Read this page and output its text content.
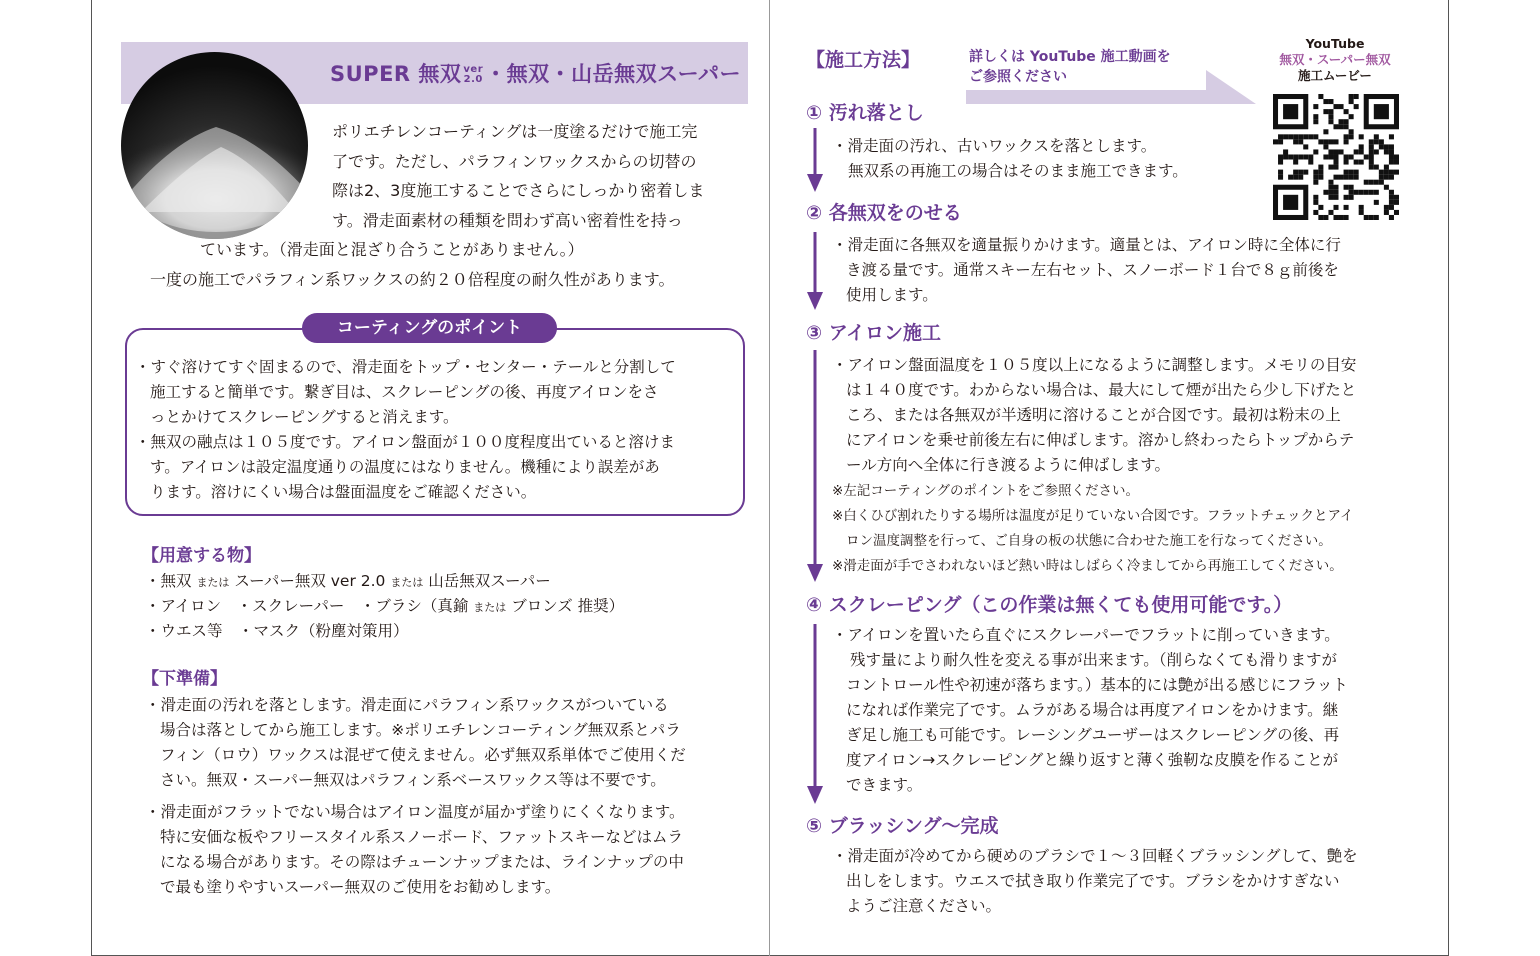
SUPER 無双 ver
2.0 ・無双・山岳無双スーパー
ポリエチレンコーティングは一度塗るだけで施工完
了です。ただし、パラフィンワックスからの切替の
際は2、3度施工することでさらにしっかり密着しま
す。滑走面素材の種類を問わず高い密着性を持っ
ています。（滑走面と混ざり合うことがありません。）
一度の施工でパラフィン系ワックスの約２０倍程度の耐久性があります。
コーティングのポイント
・すぐ溶けてすぐ固まるので、滑走面をトップ・センター・テールと分割して
施工すると簡単です。繋ぎ目は、スクレーピングの後、再度アイロンをさ
っとかけてスクレーピングすると消えます。
・無双の融点は１０５度です。アイロン盤面が１００度程度出ていると溶けま
す。アイロンは設定温度通りの温度にはなりません。機種により誤差があ
ります。溶けにくい場合は盤面温度をご確認ください。
【用意する物】
・無双 または スーパー無双 ver 2.0 または 山岳無双スーパー
・アイロン　・スクレーパー　・ブラシ（真鍮 または ブロンズ 推奨）
・ウエス等　・マスク（粉塵対策用）
【下準備】
・滑走面の汚れを落とします。滑走面にパラフィン系ワックスがついている
場合は落としてから施工します。※ポリエチレンコーティング無双系とパラ
フィン（ロウ）ワックスは混ぜて使えません。必ず無双系単体でご使用くだ
さい。無双・スーパー無双はパラフィン系ベースワックス等は不要です。
・滑走面がフラットでない場合はアイロン温度が届かず塗りにくくなります。
特に安価な板やフリースタイル系スノーボード、ファットスキーなどはムラ
になる場合があります。その際はチューンナップまたは、ラインナップの中
で最も塗りやすいスーパー無双のご使用をお勧めします。
【施工方法】	詳しくは YouTube 施工動画を
ご参照ください
YouTube
無双・スーパー無双
施工ムービー
① 汚れ落とし
・滑走面の汚れ、古いワックスを落とします。
無双系の再施工の場合はそのまま施工できます。
② 各無双をのせる
・滑走面に各無双を適量振りかけます。適量とは、アイロン時に全体に行
き渡る量です。通常スキー左右セット、スノーボード１台で８ｇ前後を
使用します。
③ アイロン施工
・アイロン盤面温度を１０５度以上になるように調整します。メモリの目安
は１４０度です。わからない場合は、最大にして煙が出たら少し下げたと
ころ、または各無双が半透明に溶けることが合図です。最初は粉末の上
にアイロンを乗せ前後左右に伸ばします。溶かし終わったらトップからテ
ール方向へ全体に行き渡るように伸ばします。
※左記コーティングのポイントをご参照ください。
※白くひび割れたりする場所は温度が足りていない合図です。フラットチェックとアイ
ロン温度調整を行って、ご自身の板の状態に合わせた施工を行なってください。
※滑走面が手でさわれないほど熱い時はしばらく冷ましてから再施工してください。
④ スクレーピング（この作業は無くても使用可能です。）
・アイロンを置いたら直ぐにスクレーパーでフラットに削っていきます。
残す量により耐久性を変える事が出来ます。（削らなくても滑りますが
コントロール性や初速が落ちます。）基本的には艶が出る感じにフラット
になれば作業完了です。ムラがある場合は再度アイロンをかけます。継
ぎ足し施工も可能です。レーシングユーザーはスクレーピングの後、再
度アイロン→スクレーピングと繰り返すと薄く強靭な皮膜を作ることが
できます。
⑤ ブラッシング〜完成
・滑走面が冷めてから硬めのブラシで１〜３回軽くブラッシングして、艶を
出しをします。ウエスで拭き取り作業完了です。ブラシをかけすぎない
ようご注意ください。
